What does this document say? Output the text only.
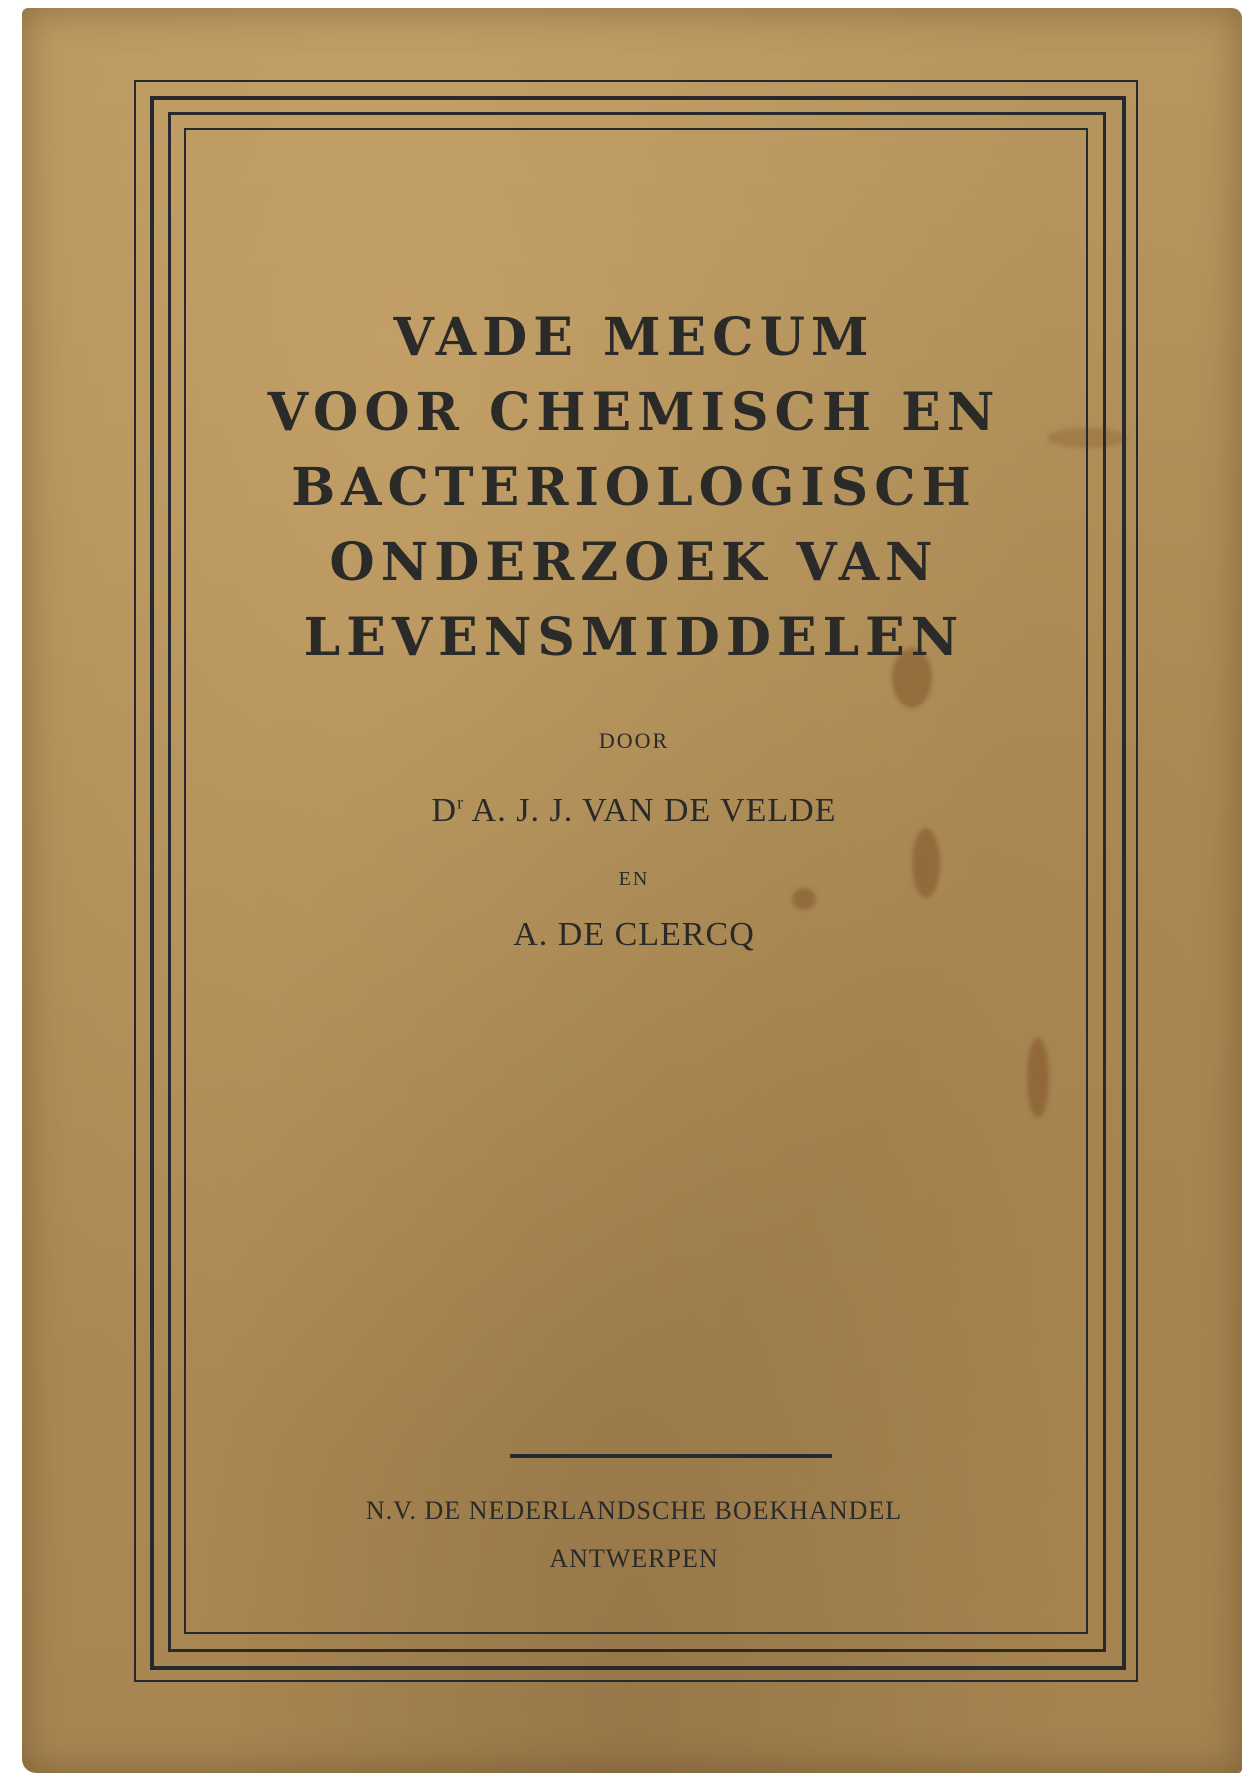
VADE MECUM
VOOR CHEMISCH EN
BACTERIOLOGISCH
ONDERZOEK VAN
LEVENSMIDDELEN
DOOR
$D^r$ A. J. J. VAN DE VELDE
EN
A. DE CLERCQ
N.V. DE NEDERLANDSCHE BOEKHANDEL
ANTWERPEN
